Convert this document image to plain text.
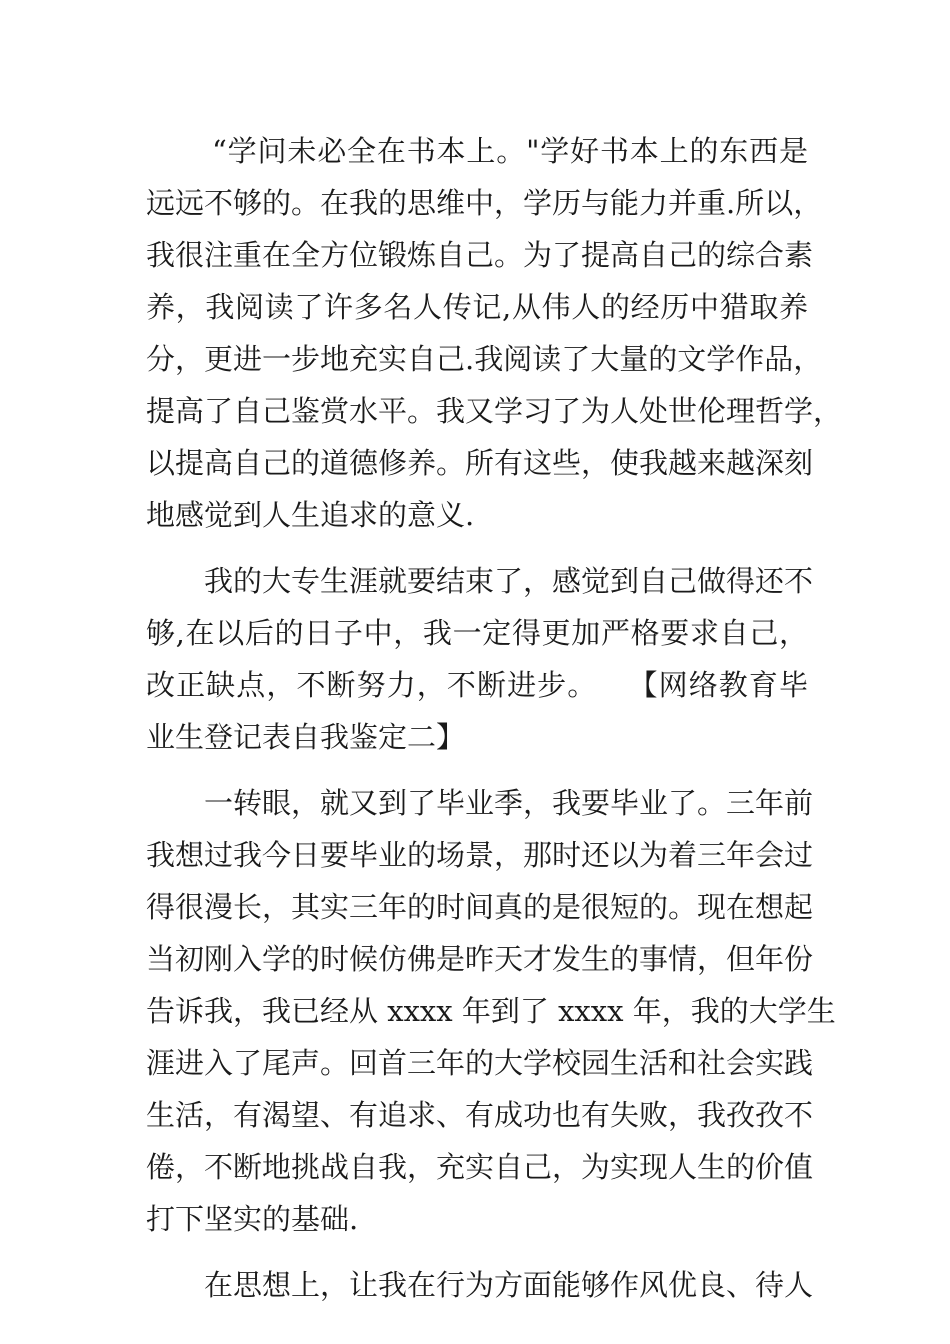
“学问未必全在书本上。"学好书本上的东西是
远远不够的。在我的思维中，学历与能力并重.所以，
我很注重在全方位锻炼自己。为了提高自己的综合素
养，我阅读了许多名人传记,从伟人的经历中猎取养
分，更进一步地充实自己.我阅读了大量的文学作品，
提高了自己鉴赏水平。我又学习了为人处世伦理哲学，
以提高自己的道德修养。所有这些，使我越来越深刻
地感觉到人生追求的意义.
我的大专生涯就要结束了，感觉到自己做得还不
够,在以后的日子中，我一定得更加严格要求自己，
改正缺点，不断努力，不断进步。　　【网络教育毕
业生登记表自我鉴定二】
一转眼，就又到了毕业季，我要毕业了。三年前
我想过我今日要毕业的场景，那时还以为着三年会过
得很漫长，其实三年的时间真的是很短的。现在想起
当初刚入学的时候仿佛是昨天才发生的事情，但年份
告诉我，我已经从 xxxx 年到了 xxxx 年，我的大学生
涯进入了尾声。回首三年的大学校园生活和社会实践
生活，有渴望、有追求、有成功也有失败，我孜孜不
倦，不断地挑战自我，充实自己，为实现人生的价值
打下坚实的基础.
在思想上，让我在行为方面能够作风优良、待人
